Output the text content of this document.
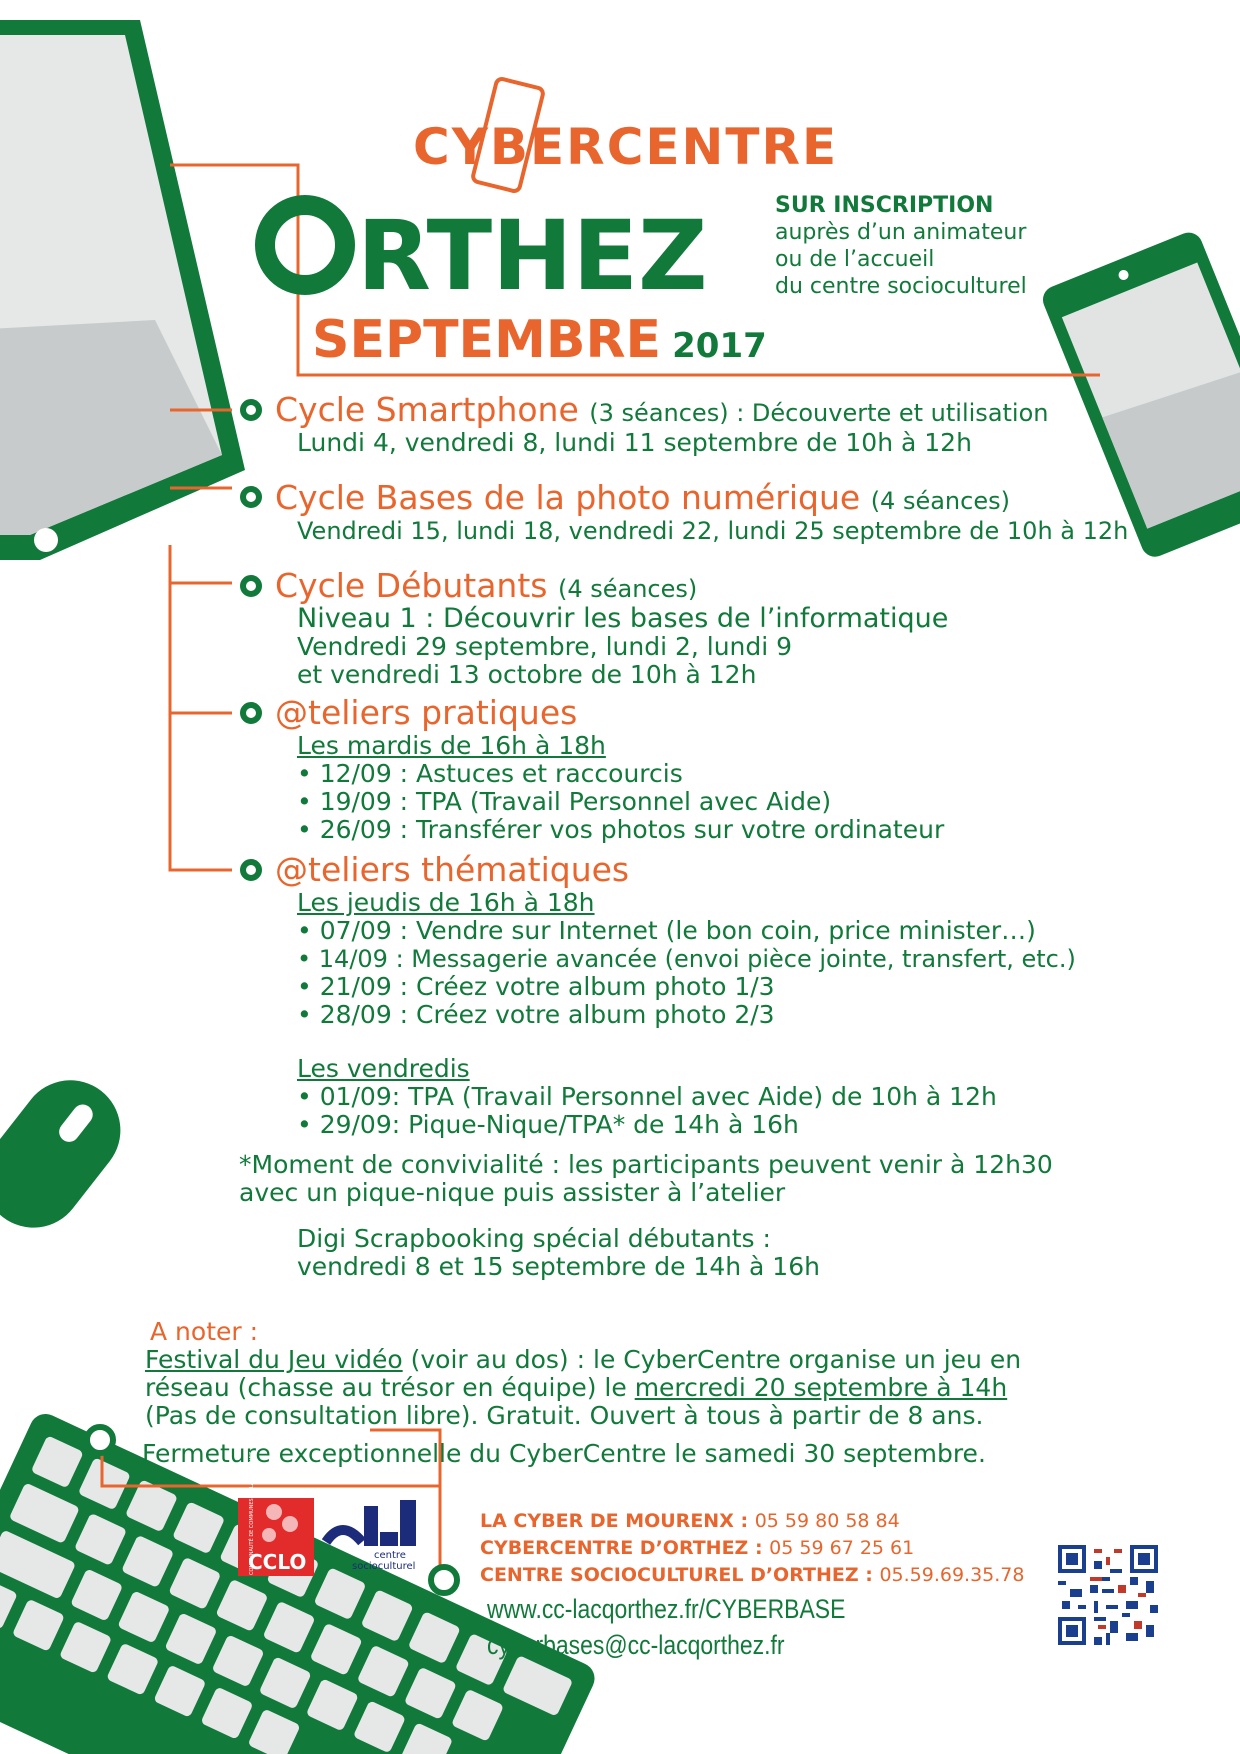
CY
BERCENTRE
RTHEZ
SEPTEMBRE 2017
SUR INSCRIPTION
auprès d’un animateur
ou de l’accueil
du centre socioculturel
Cycle Smartphone (3 séances) : Découverte et utilisation
Lundi 4, vendredi 8, lundi 11 septembre de 10h à 12h
Cycle Bases de la photo numérique (4 séances)
Vendredi 15, lundi 18, vendredi 22, lundi 25 septembre de 10h à 12h
Cycle Débutants (4 séances)
Niveau 1 : Découvrir les bases de l’informatique
Vendredi 29 septembre, lundi 2, lundi 9
et vendredi 13 octobre de 10h à 12h
@teliers pratiques
Les mardis de 16h à 18h
• 12/09 : Astuces et raccourcis
• 19/09 : TPA (Travail Personnel avec Aide)
• 26/09 : Transférer vos photos sur votre ordinateur
@teliers thématiques
Les jeudis de 16h à 18h
• 07/09 : Vendre sur Internet (le bon coin, price minister…)
• 14/09 : Messagerie avancée (envoi pièce jointe, transfert, etc.)
• 21/09 : Créez votre album photo 1/3
• 28/09 : Créez votre album photo 2/3
Les vendredis
• 01/09: TPA (Travail Personnel avec Aide) de 10h à 12h
• 29/09: Pique-Nique/TPA* de 14h à 16h
*Moment de convivialité : les participants peuvent venir à 12h30
avec un pique-nique puis assister à l’atelier
Digi Scrapbooking spécial débutants :
vendredi 8 et 15 septembre de 14h à 16h
A noter :
Festival du Jeu vidéo (voir au dos) : le CyberCentre organise un jeu en
réseau (chasse au trésor en équipe) le mercredi 20 septembre à 14h
(Pas de consultation libre). Gratuit. Ouvert à tous à partir de 8 ans.
Fermeture exceptionnelle du CyberCentre le samedi 30 septembre.
COMMUNAUTÉ DE COMMUNES DE LACQ-ORTHEZ
CCLO	centre
socioculturel
LA CYBER DE MOURENX : 05 59 80 58 84
CYBERCENTRE D’ORTHEZ : 05 59 67 25 61
CENTRE SOCIOCULTUREL D’ORTHEZ : 05.59.69.35.78
www.cc-lacqorthez.fr/CYBERBASE
cyberbases@cc-lacqorthez.fr
